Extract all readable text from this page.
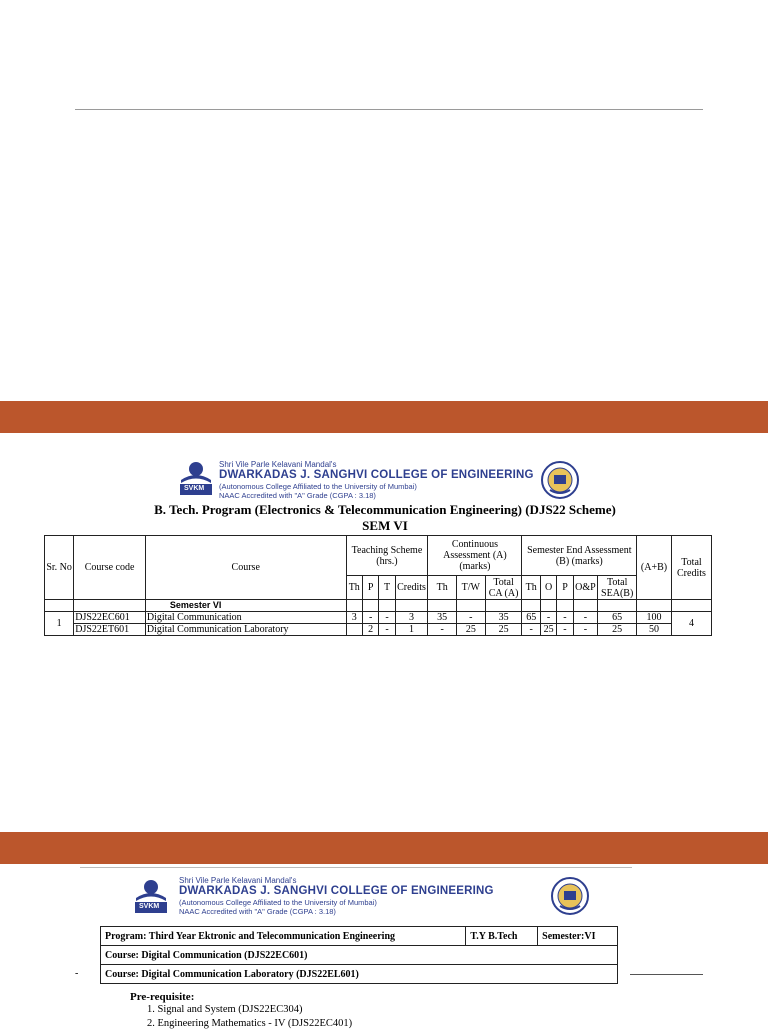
SVKM
Shri Vile Parle Kelavani Mandal's
DWARKADAS J. SANGHVI COLLEGE OF ENGINEERING
(Autonomous College Affiliated to the University of Mumbai)
NAAC Accredited with "A" Grade (CGPA : 3.18)
B. Tech. Program (Electronics & Telecommunication Engineering) (DJS22 Scheme)
SEM VI
Sr. No	Course code	Course	Teaching Scheme (hrs.)				Continuous Assessment (A) (marks)			Semester End Assessment (B) (marks)					(A+B)	Total Credits
			Th	P	T	Credits	Th	T/W	Total CA (A)	Th	O	P	O&P	Total SEA(B)		
		Semester VI														
1	DJS22EC601	Digital Communication	3	-	-	3	35	-	35	65	-	-	-	65	100	4
	DJS22ET601	Digital Communication Laboratory		2	-	1	-	25	25	-	25	-	-	25	50	
SVKM
Shri Vile Parle Kelavani Mandal's
DWARKADAS J. SANGHVI COLLEGE OF ENGINEERING
(Autonomous College Affiliated to the University of Mumbai)
NAAC Accredited with "A" Grade (CGPA : 3.18)
Program: Third Year Ektronic and Telecommunication Engineering	T.Y B.Tech	Semester:VI
Course: Digital Communication (DJS22EC601)
Course: Digital Communication Laboratory (DJS22EL601)
-
Pre-requisite:
1. Signal and System (DJS22EC304)
2. Engineering Mathematics - IV (DJS22EC401)
